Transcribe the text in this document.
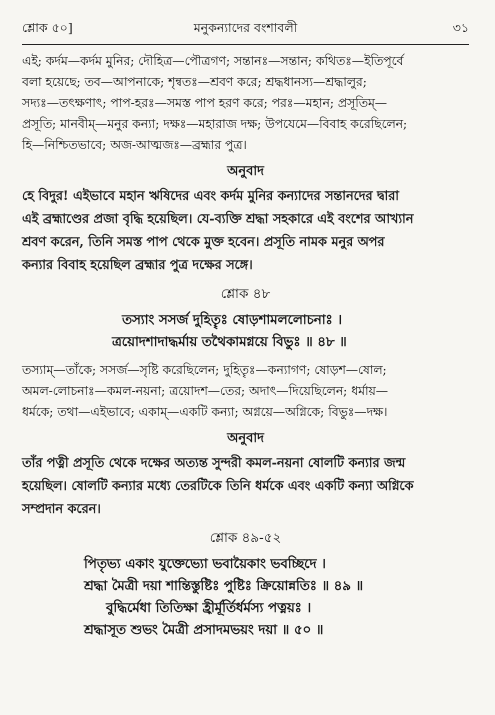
শ্লোক ৫০]	মনুকন্যাদের বংশাবলী	৩১
এই; কর্দম—কর্দম মুনির; দৌহিত্র—পৌত্রগণ; সন্তানঃ—সন্তান; কথিতঃ—ইতিপূর্বে
বলা হয়েছে; তব—আপনাকে; শৃন্বতঃ—শ্রবণ করে; শ্রদ্ধধানস্য—শ্রদ্ধালুর;
সদ্যঃ—তৎক্ষণাৎ; পাপ-হরঃ—সমস্ত পাপ হরণ করে; পরঃ—মহান; প্রসূতিম্—
প্রসূতি; মানবীম্—মনুর কন্যা; দক্ষঃ—মহারাজ দক্ষ; উপযেমে—বিবাহ করেছিলেন;
হি—নিশ্চিতভাবে; অজ-আত্মজঃ—ব্রহ্মার পুত্র।
অনুবাদ
হে বিদুর! এইভাবে মহান ঋষিদের এবং কর্দম মুনির কন্যাদের সন্তানদের দ্বারা
এই ব্রহ্মাণ্ডের প্রজা বৃদ্ধি হয়েছিল। যে-ব্যক্তি শ্রদ্ধা সহকারে এই বংশের আখ্যান
শ্রবণ করেন, তিনি সমস্ত পাপ থেকে মুক্ত হবেন। প্রসূতি নামক মনুর অপর
কন্যার বিবাহ হয়েছিল ব্রহ্মার পুত্র দক্ষের সঙ্গে।
শ্লোক ৪৮
তস্যাং সসর্জ দুহিতৄঃ ষোড়শামললোচনাঃ ।
ত্রয়োদশাদাদ্ধর্মায় তথৈকামগ্নয়ে বিভুঃ ॥ ৪৮ ॥
তস্যাম্—তাঁকে; সসর্জ—সৃষ্টি করেছিলেন; দুহিতৄঃ—কন্যাগণ; ষোড়শ—ষোল;
অমল-লোচনাঃ—কমল-নয়না; ত্রয়োদশ—তের; অদাৎ—দিয়েছিলেন; ধর্মায়—
ধর্মকে; তথা—এইভাবে; একাম্—একটি কন্যা; অগ্নয়ে—অগ্নিকে; বিভুঃ—দক্ষ।
অনুবাদ
তাঁর পত্নী প্রসূতি থেকে দক্ষের অত্যন্ত সুন্দরী কমল-নয়না ষোলটি কন্যার জন্ম
হয়েছিল। ষোলটি কন্যার মধ্যে তেরটিকে তিনি ধর্মকে এবং একটি কন্যা অগ্নিকে
সম্প্রদান করেন।
শ্লোক ৪৯-৫২
পিতৃভ্য একাং যুক্তেভ্যো ভবায়ৈকাং ভবচ্ছিদে ।
শ্রদ্ধা মৈত্রী দয়া শান্তিস্তুষ্টিঃ পুষ্টিঃ ক্রিয়োন্নতিঃ ॥ ৪৯ ॥
বুদ্ধির্মেধা তিতিক্ষা হ্রীর্মূর্তির্ধর্মস্য পত্নয়ঃ ।
শ্রদ্ধাসূত শুভং মৈত্রী প্রসাদমভয়ং দয়া ॥ ৫০ ॥
